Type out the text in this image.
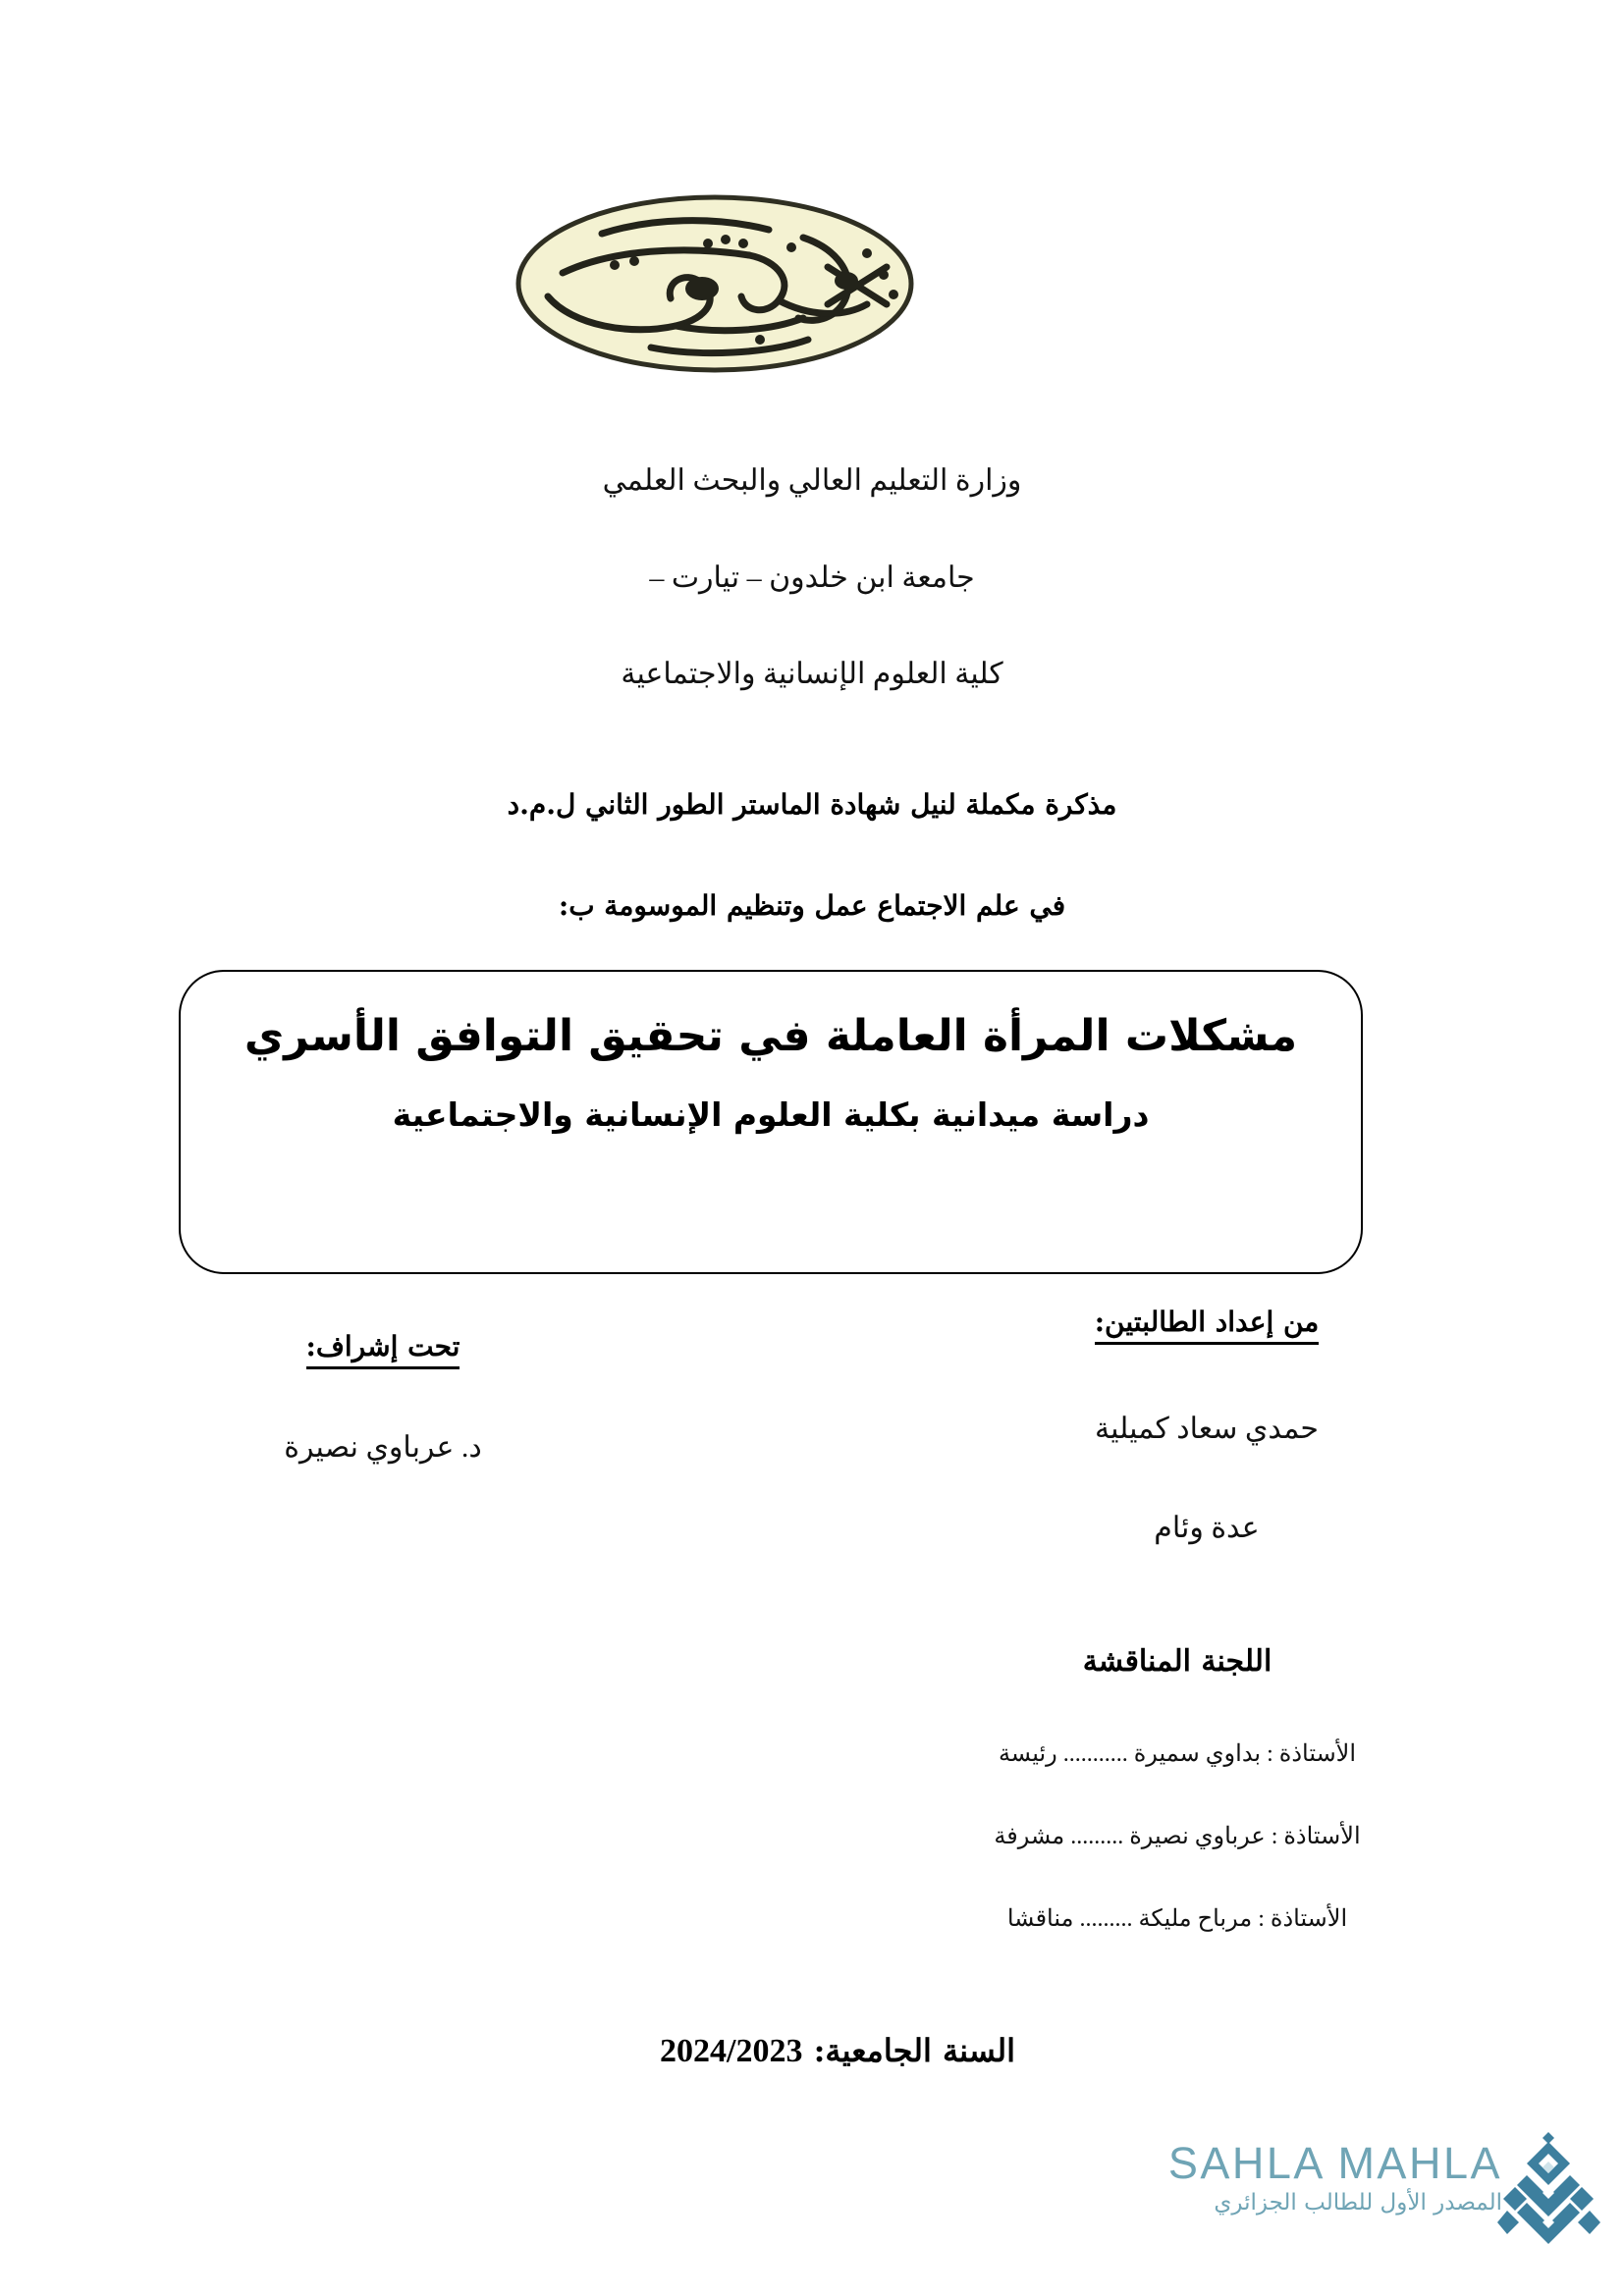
وزارة التعليم العالي والبحث العلمي

جامعة ابن خلدون – تيارت –

كلية العلوم الإنسانية والاجتماعية

مذكرة مكملة لنيل شهادة الماستر الطور الثاني ل.م.د

في علم الاجتماع عمل وتنظيم الموسومة ب:

مشكلات المرأة العاملة في تحقيق التوافق الأسري
دراسة ميدانية بكلية العلوم الإنسانية والاجتماعية
من إعداد الطالبتين:

حمدي سعاد كميلية

عدة وئام

تحت إشراف:

د. عرباوي نصيرة

اللجنة المناقشة

الأستاذة : بداوي سميرة ........... رئيسة

الأستاذة : عرباوي نصيرة ......... مشرفة

الأستاذة : مرباح مليكة ......... مناقشا

السنة الجامعية: 2024/2023

SAHLA MAHLA

المصدر الأول للطالب الجزائري
